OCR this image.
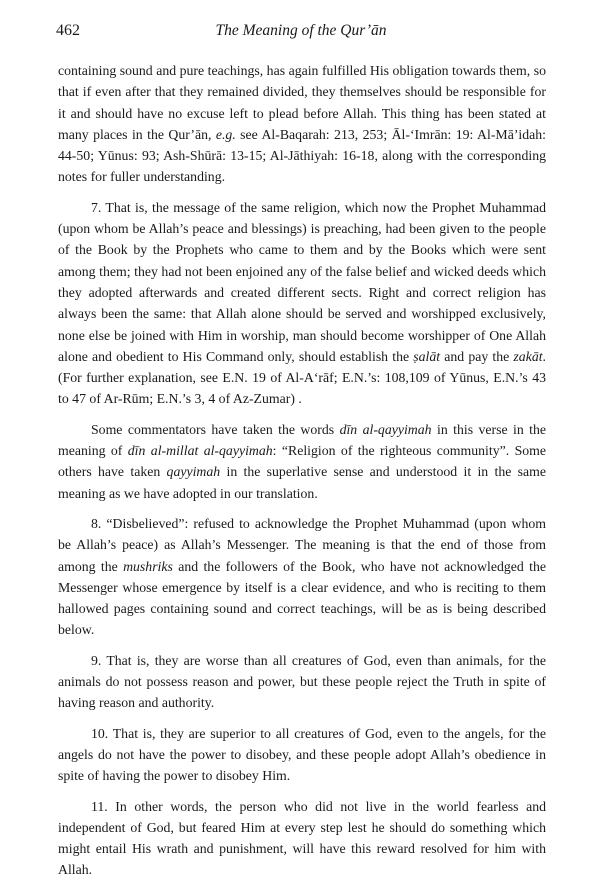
462	The Meaning of the Qur’ān

containing sound and pure teachings, has again fulfilled His obligation towards them, so that if even after that they remained divided, they themselves should be responsible for it and should have no excuse left to plead before Allah. This thing has been stated at many places in the Qur’ān, e.g. see Al-Baqarah: 213, 253; Āl-‘Imrān: 19: Al-Mā’idah: 44-50; Yūnus: 93; Ash-Shūrā: 13-15; Al-Jāthiyah: 16-18, along with the corresponding notes for fuller understanding.

7. That is, the message of the same religion, which now the Prophet Muhammad (upon whom be Allah’s peace and blessings) is preaching, had been given to the people of the Book by the Prophets who came to them and by the Books which were sent among them; they had not been enjoined any of the false belief and wicked deeds which they adopted afterwards and created different sects. Right and correct religion has always been the same: that Allah alone should be served and worshipped exclusively, none else be joined with Him in worship, man should become worshipper of One Allah alone and obedient to His Command only, should establish the ṣalāt and pay the zakāt. (For further explanation, see E.N. 19 of Al-A‘rāf; E.N.’s: 108,109 of Yūnus, E.N.’s 43 to 47 of Ar-Rūm; E.N.’s 3, 4 of Az-Zumar) .

Some commentators have taken the words dīn al-qayyimah in this verse in the meaning of dīn al-millat al-qayyimah: “Religion of the righteous community”. Some others have taken qayyimah in the superlative sense and understood it in the same meaning as we have adopted in our translation.

8. “Disbelieved”: refused to acknowledge the Prophet Muhammad (upon whom be Allah’s peace) as Allah’s Messenger. The meaning is that the end of those from among the mushriks and the followers of the Book, who have not acknowledged the Messenger whose emergence by itself is a clear evidence, and who is reciting to them hallowed pages containing sound and correct teachings, will be as is being described below.

9. That is, they are worse than all creatures of God, even than animals, for the animals do not possess reason and power, but these people reject the Truth in spite of having reason and authority.

10. That is, they are superior to all creatures of God, even to the angels, for the angels do not have the power to disobey, and these people adopt Allah’s obedience in spite of having the power to disobey Him.

11. In other words, the person who did not live in the world fearless and independent of God, but feared Him at every step lest he should do something which might entail His wrath and punishment, will have this reward resolved for him with Allah.
